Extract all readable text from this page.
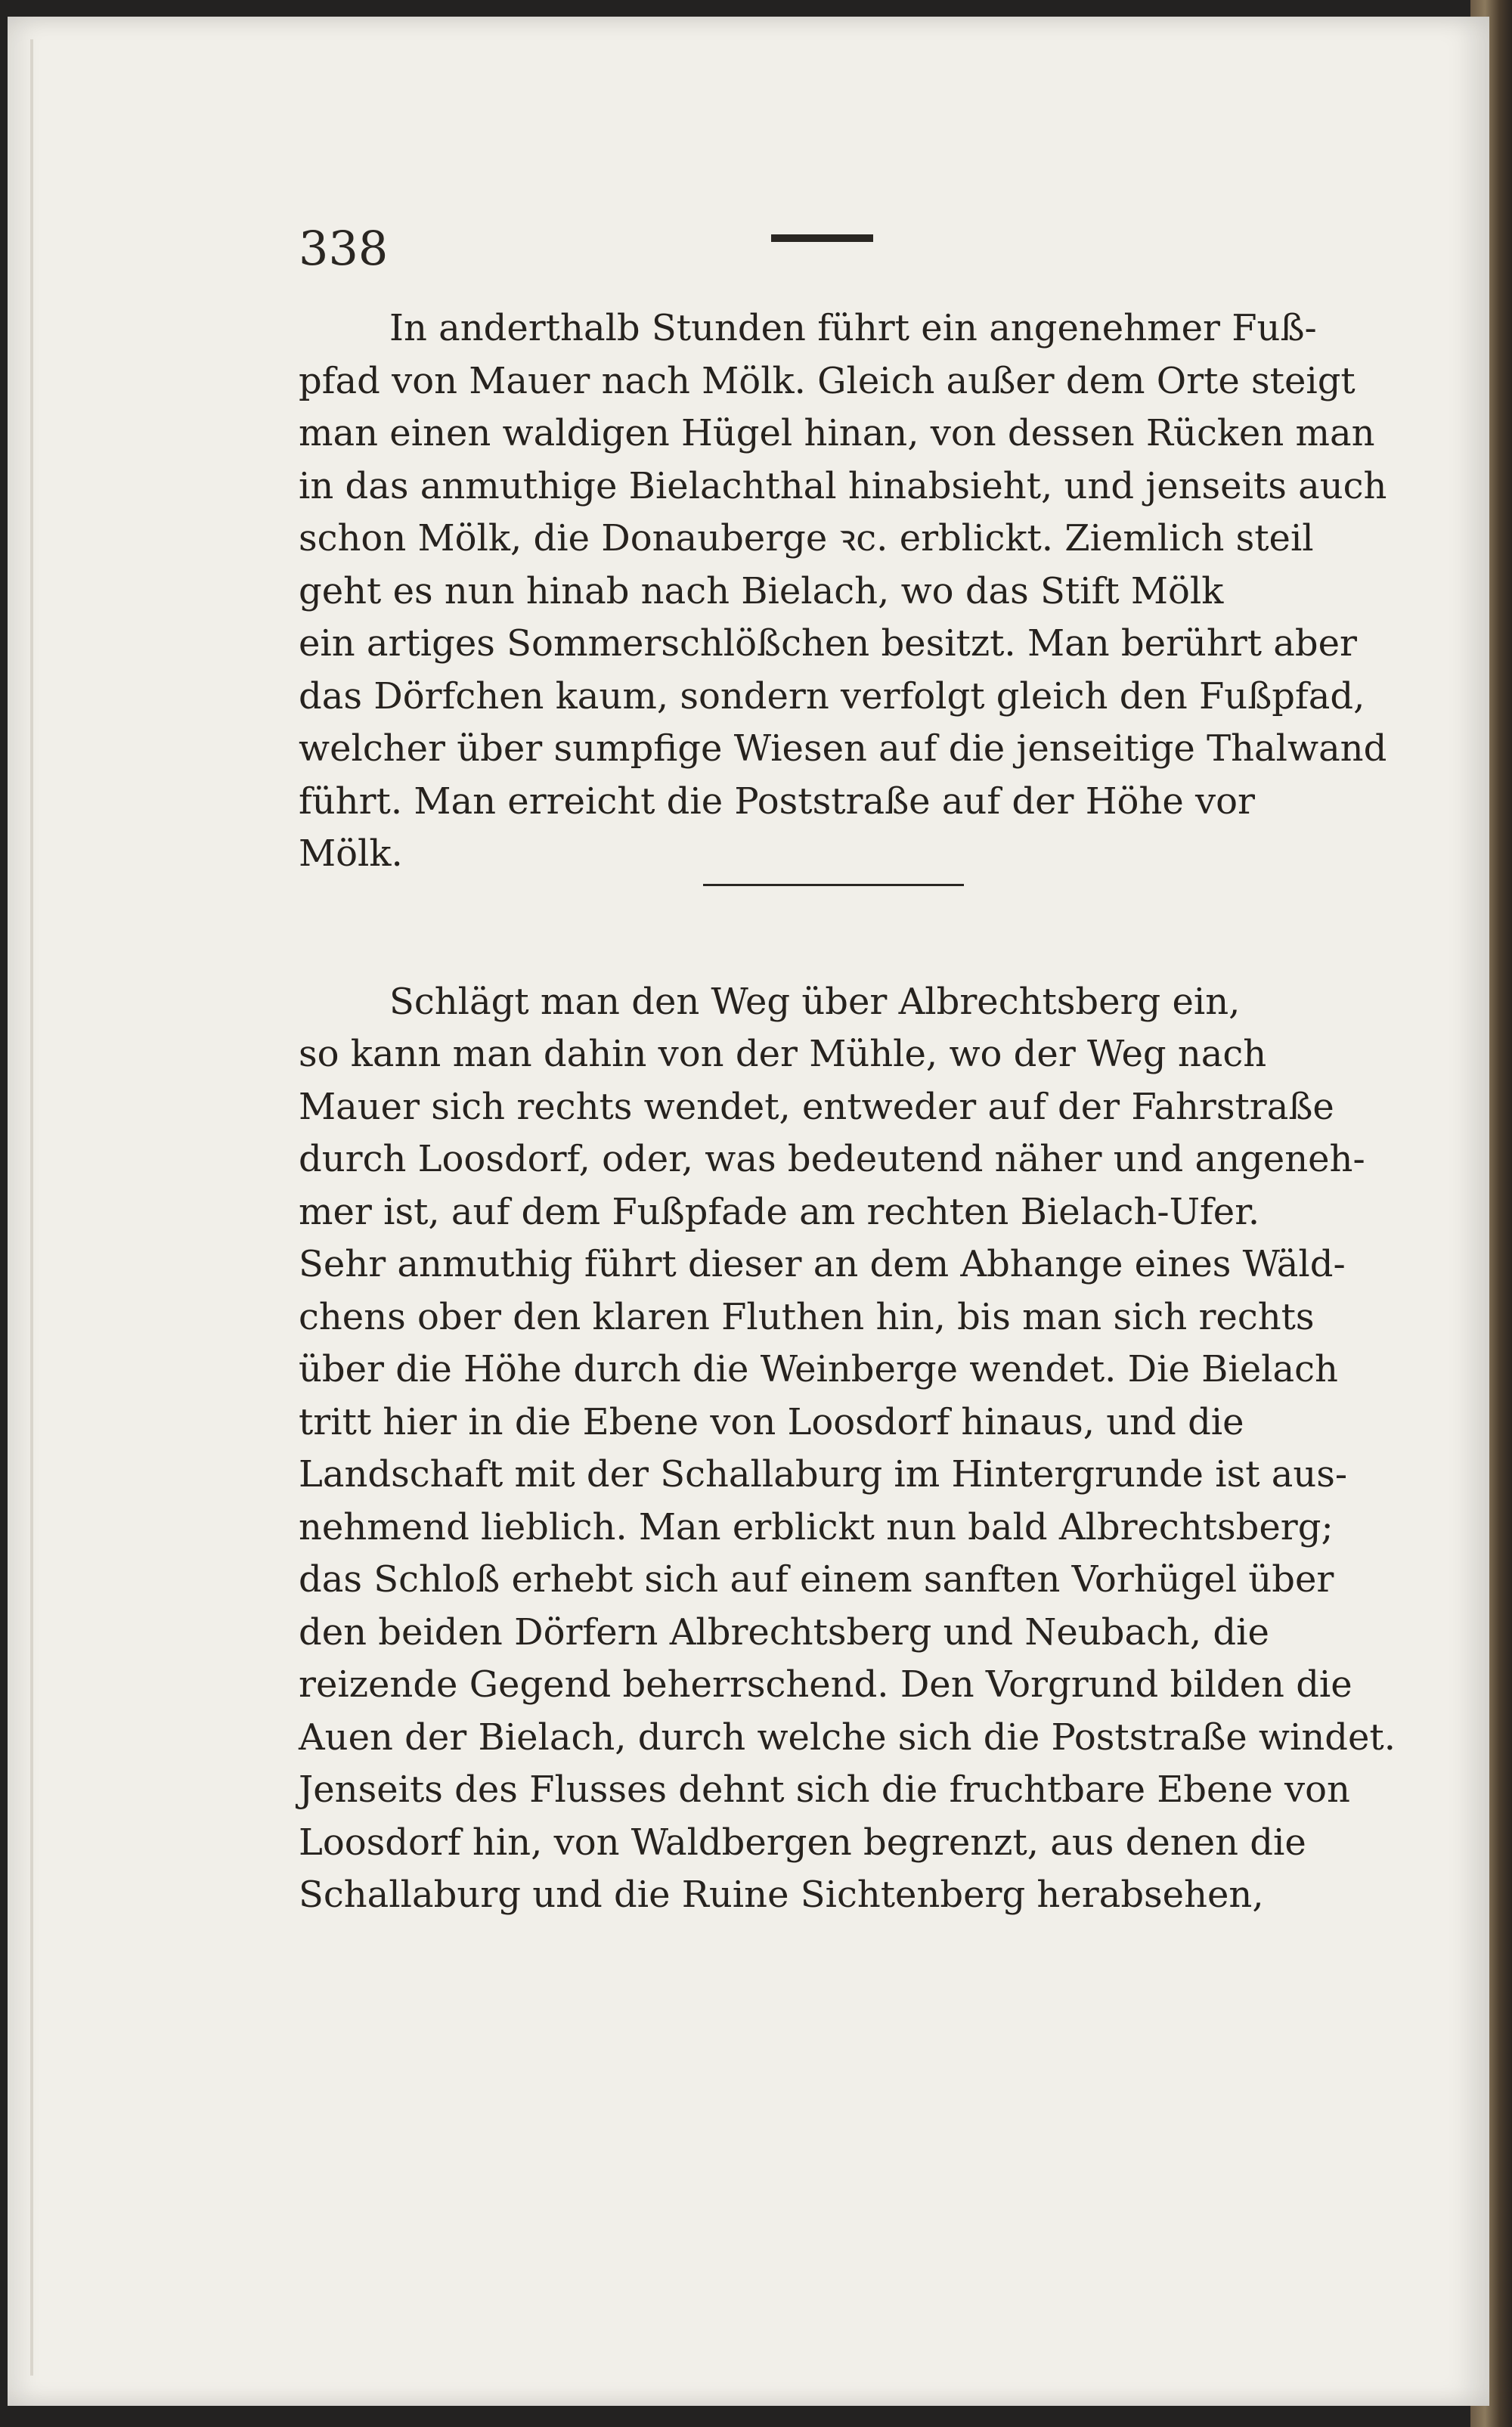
338
In anderthalb Stunden führt ein angenehmer Fuß-
pfad von Mauer nach Mölk. Gleich außer dem Orte steigt
man einen waldigen Hügel hinan, von dessen Rücken man
in das anmuthige Bielachthal hinabsieht, und jenseits auch
schon Mölk, die Donauberge ꝛc. erblickt. Ziemlich steil
geht es nun hinab nach Bielach, wo das Stift Mölk
ein artiges Sommerschlößchen besitzt. Man berührt aber
das Dörfchen kaum, sondern verfolgt gleich den Fußpfad,
welcher über sumpfige Wiesen auf die jenseitige Thalwand
führt. Man erreicht die Poststraße auf der Höhe vor
Mölk.
Schlägt man den Weg über Albrechtsberg ein,
so kann man dahin von der Mühle, wo der Weg nach
Mauer sich rechts wendet, entweder auf der Fahrstraße
durch Loosdorf, oder, was bedeutend näher und angeneh-
mer ist, auf dem Fußpfade am rechten Bielach-Ufer.
Sehr anmuthig führt dieser an dem Abhange eines Wäld-
chens ober den klaren Fluthen hin, bis man sich rechts
über die Höhe durch die Weinberge wendet. Die Bielach
tritt hier in die Ebene von Loosdorf hinaus, und die
Landschaft mit der Schallaburg im Hintergrunde ist aus-
nehmend lieblich. Man erblickt nun bald Albrechtsberg;
das Schloß erhebt sich auf einem sanften Vorhügel über
den beiden Dörfern Albrechtsberg und Neubach, die
reizende Gegend beherrschend. Den Vorgrund bilden die
Auen der Bielach, durch welche sich die Poststraße windet.
Jenseits des Flusses dehnt sich die fruchtbare Ebene von
Loosdorf hin, von Waldbergen begrenzt, aus denen die
Schallaburg und die Ruine Sichtenberg herabsehen,
